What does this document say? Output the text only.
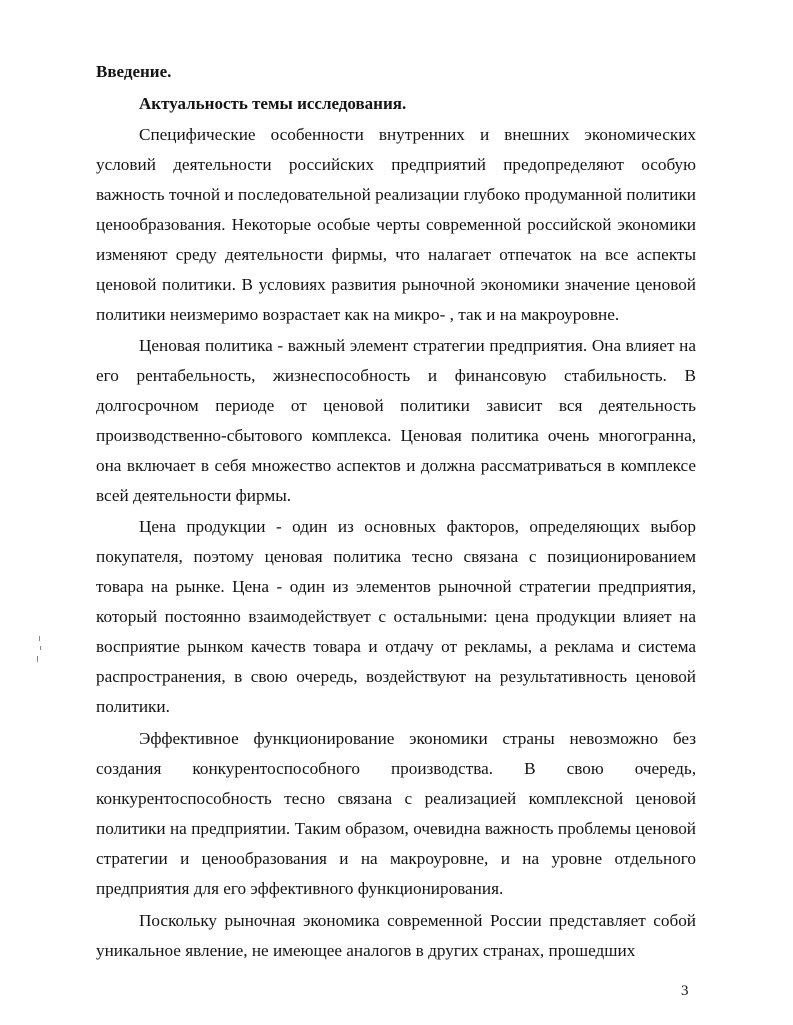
Введение.
Актуальность темы исследования.

Специфические особенности внутренних и внешних экономических условий деятельности российских предприятий предопределяют особую важность точной и последовательной реализации глубоко продуманной политики ценообразования. Некоторые особые черты современной российской экономики изменяют среду деятельности фирмы, что налагает отпечаток на все аспекты ценовой политики. В условиях развития рыночной экономики значение ценовой политики неизмеримо возрастает как на микро- , так и на макроуровне.

Ценовая политика - важный элемент стратегии предприятия. Она влияет на его рентабельность, жизнеспособность и финансовую стабильность. В долгосрочном периоде от ценовой политики зависит вся деятельность производственно-сбытового комплекса. Ценовая политика очень многогранна, она включает в себя множество аспектов и должна рассматриваться в комплексе всей деятельности фирмы.

Цена продукции - один из основных факторов, определяющих выбор покупателя, поэтому ценовая политика тесно связана с позиционированием товара на рынке. Цена - один из элементов рыночной стратегии предприятия, который постоянно взаимодействует с остальными: цена продукции влияет на восприятие рынком качеств товара и отдачу от рекламы, а реклама и система распространения, в свою очередь, воздействуют на результативность ценовой политики.

Эффективное функционирование экономики страны невозможно без создания конкурентоспособного производства. В свою очередь, конкурентоспособность тесно связана с реализацией комплексной ценовой политики на предприятии. Таким образом, очевидна важность проблемы ценовой стратегии и ценообразования и на макроуровне, и на уровне отдельного предприятия для его эффективного функционирования.

Поскольку рыночная экономика современной России представляет собой уникальное явление, не имеющее аналогов в других странах, прошедших

3
